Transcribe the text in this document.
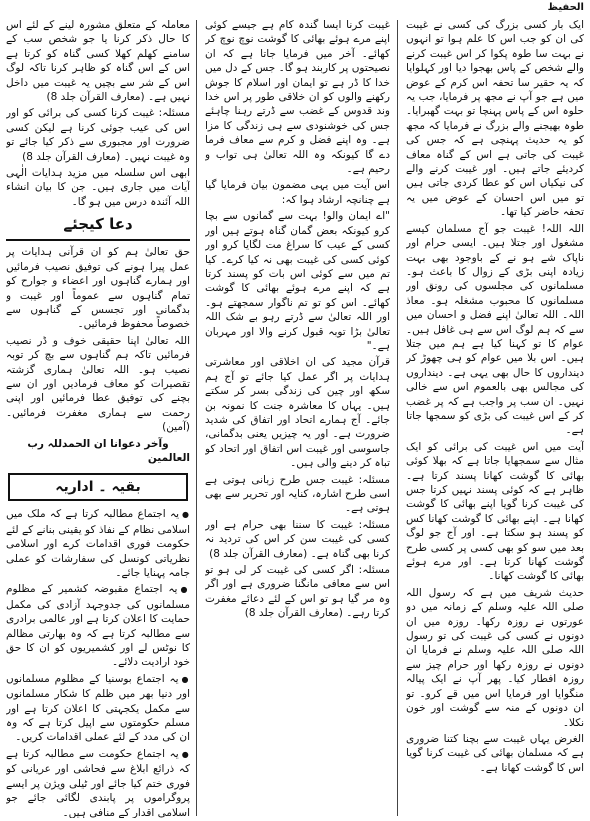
الحفیظ

ایک بار کسی بزرگ کی کسی نے غیبت کی ان کو جب اس کا علم ہوا تو انہوں نے بہت سا طوہ پکوا کر اس غیبت کرنے والے شخص کے پاس بھجوا دیا اور کہلوایا کہ یہ حقیر سا تحفہ اس کرم کے عوض میں ہے جو آپ نے مجھ پر فرمایا، جب یہ حلوہ اس کے پاس پہنچا تو بہت گھبرایا۔ طوہ بھیجنے والے بزرگ نے فرمایا کہ مجھ کو یہ حدیث پہنچی ہے کہ جس کی غیبت کی جاتی ہے اس کے گناہ معاف کردیئے جاتے ہیں۔ اور غیبت کرنے والے کی نیکیاں اس کو عطا کردی جاتی ہیں تو میں اس احسان کے عوض میں یہ تحفہ حاضر کیا تھا۔

اللہ اللہ! غیبت جو آج مسلمان کیسے مشغول اور جتلا ہیں۔ ایسی حرام اور ناپاک شے ہو نے کے باوجود بھی بہت زیادہ اپنی بڑی کے زوال کا باعث ہو۔ مسلمانوں کی مجلسوں کی رونق اور مسلمانوں کا محبوب مشغلہ ہو۔ معاذ اللہ۔ اللہ تعالیٰ اپنے فضل و احسان میں سے کہ ہم لوگ اس سے ہی غافل ہیں۔ عوام کا تو کہنا کیا ہے ہم میں جتلا ہیں۔ اس بلا میں عوام کو ہی چھوڑ کر دینداروں کا حال بھی یہی ہے۔ دینداروں کی مجالس بھی بالعموم اس سے خالی نہیں۔ ان سب پر واجب ہے کہ پر غضب کر کے اس غیبت کی بڑی کو سمجھا جاتا ہے۔

آیت میں اس غیبت کی برائی کو ایک مثال سے سمجھایا جاتا ہے کہ بھلا کوئی بھائی کا گوشت کھانا پسند کرتا ہے۔ ظاہر ہے کہ کوئی پسند نہیں کرتا جس کی غیبت کرنا گویا اپنے بھائی کا گوشت کھانا ہے۔ اپنے بھائی کا گوشت کھانا کس کو پسند ہو سکتا ہے۔ اور آج جو لوگ بعد میں سو کو بھی کسی پر کسی طرح گوشت کھانا کرتا ہے۔ اور مرے ہوئے بھائی کا گوشت کھانا۔

حدیث شریف میں ہے کہ رسول اللہ صلی اللہ علیہ وسلم کے زمانہ میں دو عورتوں نے روزہ رکھا۔ روزہ میں ان دونوں نے کسی کی غیبت کی تو رسول اللہ صلی اللہ علیہ وسلم نے فرمایا ان دونوں نے روزہ رکھا اور حرام چیز سے روزہ افطار کیا۔ پھر آپ نے ایک پیالہ منگوایا اور فرمایا اس میں قے کرو۔ تو ان دونوں کے منہ سے گوشت اور خون نکلا۔

الغرض یہاں غیبت سے بچنا کتنا ضروری ہے کہ مسلمان بھائی کی غیبت کرنا گویا اس کا گوشت کھانا ہے۔

غیبت کرنا ایسا گندہ کام ہے جیسے کوئی اپنے مرے ہوئے بھائی کا گوشت نوچ نوچ کر کھائے۔ آخر میں فرمایا جاتا ہے کہ ان نصیحتوں پر کاربند ہو گا۔ جس کے دل میں خدا کا ڈر ہے تو ایمان اور اسلام کا جوش رکھنے والوں کو ان خلاقی طور پر اس خدا وند قدوس کے غضب سے ڈرتے رہنا چاہئے جس کی خوشنودی سے ہی زندگی کا مزا ہے۔ وہ اپنے فضل و کرم سے معاف فرما دے گا کیونکہ وہ اللہ تعالیٰ ہی تواب و رحیم ہے۔

اس آیت میں یہی مضمون بیان فرمایا گیا ہے چنانچہ ارشاد ہوا کہ:

"اے ایمان والو! بہت سے گمانوں سے بچا کرو کیونکہ بعض گمان گناہ ہوتے ہیں اور کسی کے عیب کا سراغ مت لگایا کرو اور کوئی کسی کی غیبت بھی نہ کیا کرے۔ کیا تم میں سے کوئی اس بات کو پسند کرتا ہے کہ اپنے مرے ہوئے بھائی کا گوشت کھائے۔ اس کو تو تم ناگوار سمجھتے ہو۔ اور اللہ تعالیٰ سے ڈرتے رہو بے شک اللہ تعالیٰ بڑا توبہ قبول کرنے والا اور مہربان ہے۔"

قرآن مجید کی ان اخلاقی اور معاشرتی ہدایات پر اگر عمل کیا جائے تو آج ہم سکھ اور چین کی زندگی بسر کر سکتے ہیں۔ یہاں کا معاشرہ جنت کا نمونہ بن جائے۔ آج ہمارے اتحاد اور اتفاق کی شدید ضرورت ہے۔ اور یہ چیزیں یعنی بدگمانی، جاسوسی اور غیبت اس اتفاق اور اتحاد کو تباہ کر دینے والی ہیں۔

مسئلہ: غیبت جس طرح زبانی ہوتی ہے اسی طرح اشارہ، کنایہ اور تحریر سے بھی ہوتی ہے۔

مسئلہ: غیبت کا سننا بھی حرام ہے اور کسی کی غیبت سن کر اس کی تردید نہ کرنا بھی گناہ ہے۔ (معارف القرآن جلد 8)

مسئلہ: اگر کسی کی غیبت کر لی ہو تو اس سے معافی مانگنا ضروری ہے اور اگر وہ مر گیا ہو تو اس کے لئے دعائے مغفرت کرتا رہے۔ (معارف القرآن جلد 8)

معاملہ کے متعلق مشورہ لینے کے لئے اس کا حال ذکر کرنا یا جو شخص سب کے سامنے کھلم کھلا کسی گناہ کو کرتا ہے اس کے اس گناہ کو ظاہر کرنا تاکہ لوگ اس کے شر سے بچیں یہ غیبت میں داخل نہیں ہے۔ (معارف القرآن جلد 8)

مسئلہ: غیبت کرنا کسی کی برائی کو اور اس کی عیب جوئی کرنا ہے لیکن کسی ضرورت اور مجبوری سے ذکر کیا جائے تو وہ غیبت نہیں۔ (معارف القرآن جلد 8)

ابھی اس سلسلہ میں مزید ہدایات الٰہی آیات میں جاری ہیں۔ جن کا بیان انشاء اللہ آئندہ درس میں ہو گا۔

دعا کیجئے

حق تعالیٰ ہم کو ان قرآنی ہدایات پر عمل پیرا ہونے کی توفیق نصیب فرمائیں اور ہمارے گناہوں اور اعضاء و جوارح کو تمام گناہوں سے عموماً اور غیبت و بدگمانی اور تجسس کے گناہوں سے خصوصاً محفوظ فرمائیں۔

اللہ تعالیٰ اپنا حقیقی خوف و ڈر نصیب فرمائیں تاکہ ہم گناہوں سے بچ کر توبہ نصیب ہو۔ اللہ تعالیٰ ہماری گزشتہ تقصیرات کو معاف فرمادیں اور ان سے بچنے کی توفیق عطا فرمائیں اور اپنی رحمت سے ہماری مغفرت فرمائیں۔ (آمین)

وآخر دعوانا ان الحمدللہ رب العالمین

بقیہ ۔ اداریہ

● یہ اجتماع مطالبہ کرتا ہے کہ ملک میں اسلامی نظام کے نفاذ کو یقینی بنانے کے لئے حکومت فوری اقدامات کرے اور اسلامی نظریاتی کونسل کی سفارشات کو عملی جامہ پہنایا جائے۔

● یہ اجتماع مقبوضہ کشمیر کے مظلوم مسلمانوں کی جدوجہد آزادی کی مکمل حمایت کا اعلان کرتا ہے اور عالمی برادری سے مطالبہ کرتا ہے کہ وہ بھارتی مظالم کا نوٹس لے اور کشمیریوں کو ان کا حق خود ارادیت دلائے۔

● یہ اجتماع بوسنیا کے مظلوم مسلمانوں اور دنیا بھر میں ظلم کا شکار مسلمانوں سے مکمل یکجہتی کا اعلان کرتا ہے اور مسلم حکومتوں سے اپیل کرتا ہے کہ وہ ان کی مدد کے لئے عملی اقدامات کریں۔

● یہ اجتماع حکومت سے مطالبہ کرتا ہے کہ ذرائع ابلاغ سے فحاشی اور عریانی کو فوری ختم کیا جائے اور ٹیلی ویژن پر ایسے پروگراموں پر پابندی لگائی جائے جو اسلامی اقدار کے منافی ہیں۔
